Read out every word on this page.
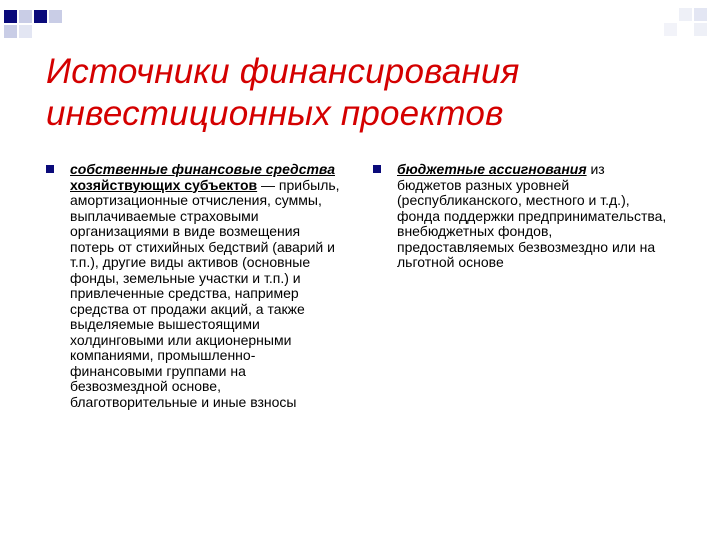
Источники финансирования
инвестиционных проектов
собственные финансовые средства хозяйствующих субъектов — прибыль, амортизационные отчисления, суммы, выплачиваемые страховыми организациями в виде возмещения потерь от стихийных бедствий (аварий и т.п.), другие виды активов (основные фонды, земельные участки и т.п.) и привлеченные средства, например средства от продажи акций, а также выделяемые вышестоящими холдинговыми или акционерными компаниями, промышленно-финансовыми группами на безвозмездной основе, благотворительные и иные взносы
бюджетные ассигнования из бюджетов разных уровней (республиканского, местного и т.д.), фонда поддержки предпринимательства, внебюджетных фондов, предоставляемых безвозмездно или на льготной основе
